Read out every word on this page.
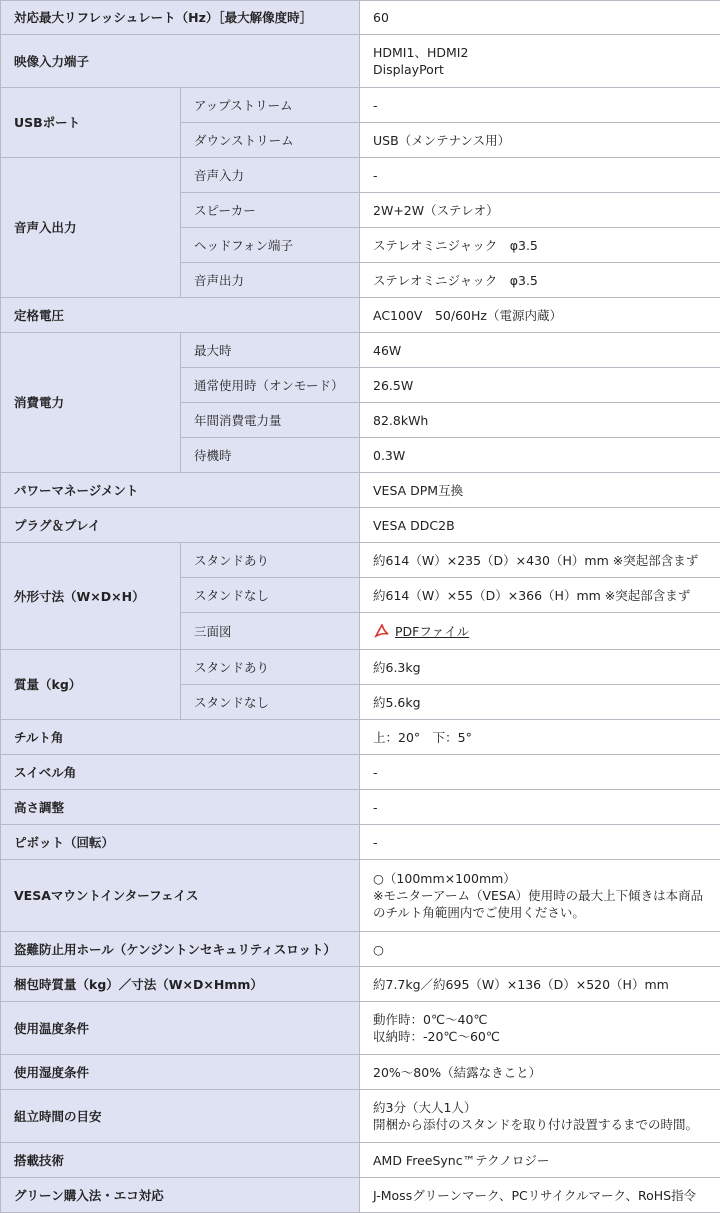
対応最大リフレッシュレート（Hz）［最大解像度時］		60
映像入力端子		HDMI1、HDMI2
DisplayPort

USBポート	アップストリーム	-
	ダウンストリーム	USB（メンテナンス用）
音声入出力	音声入力	-
	スピーカー	2W+2W（ステレオ）
	ヘッドフォン端子	ステレオミニジャック　φ3.5
	音声出力	ステレオミニジャック　φ3.5
定格電圧		AC100V　50/60Hz（電源内蔵）
消費電力	最大時	46W
	通常使用時（オンモード）	26.5W
	年間消費電力量	82.8kWh
	待機時	0.3W
パワーマネージメント		VESA DPM互換
プラグ＆プレイ		VESA DDC2B
外形寸法（W×D×H）	スタンドあり	約614（W）×235（D）×430（H）mm ※突起部含まず
	スタンドなし	約614（W）×55（D）×366（H）mm ※突起部含まず
	三面図	PDFファイル
質量（kg）	スタンドあり	約6.3kg
	スタンドなし	約5.6kg
チルト角		上：20°　下：5°
スイベル角		-
高さ調整		-
ピボット（回転）		-
VESAマウントインターフェイス		○（100mm×100mm）
※モニターアーム（VESA）使用時の最大上下傾きは本商品
のチルト角範囲内でご使用ください。

盗難防止用ホール（ケンジントンセキュリティスロット）		○
梱包時質量（kg）／寸法（W×D×Hmm）		約7.7kg／約695（W）×136（D）×520（H）mm
使用温度条件		動作時：0℃～40℃
収納時：-20℃～60℃

使用湿度条件		20%～80%（結露なきこと）
組立時間の目安		約3分（大人1人）
開梱から添付のスタンドを取り付け設置するまでの時間。

搭載技術		AMD FreeSync™テクノロジー
グリーン購入法・エコ対応		J-Mossグリーンマーク、PCリサイクルマーク、RoHS指令
